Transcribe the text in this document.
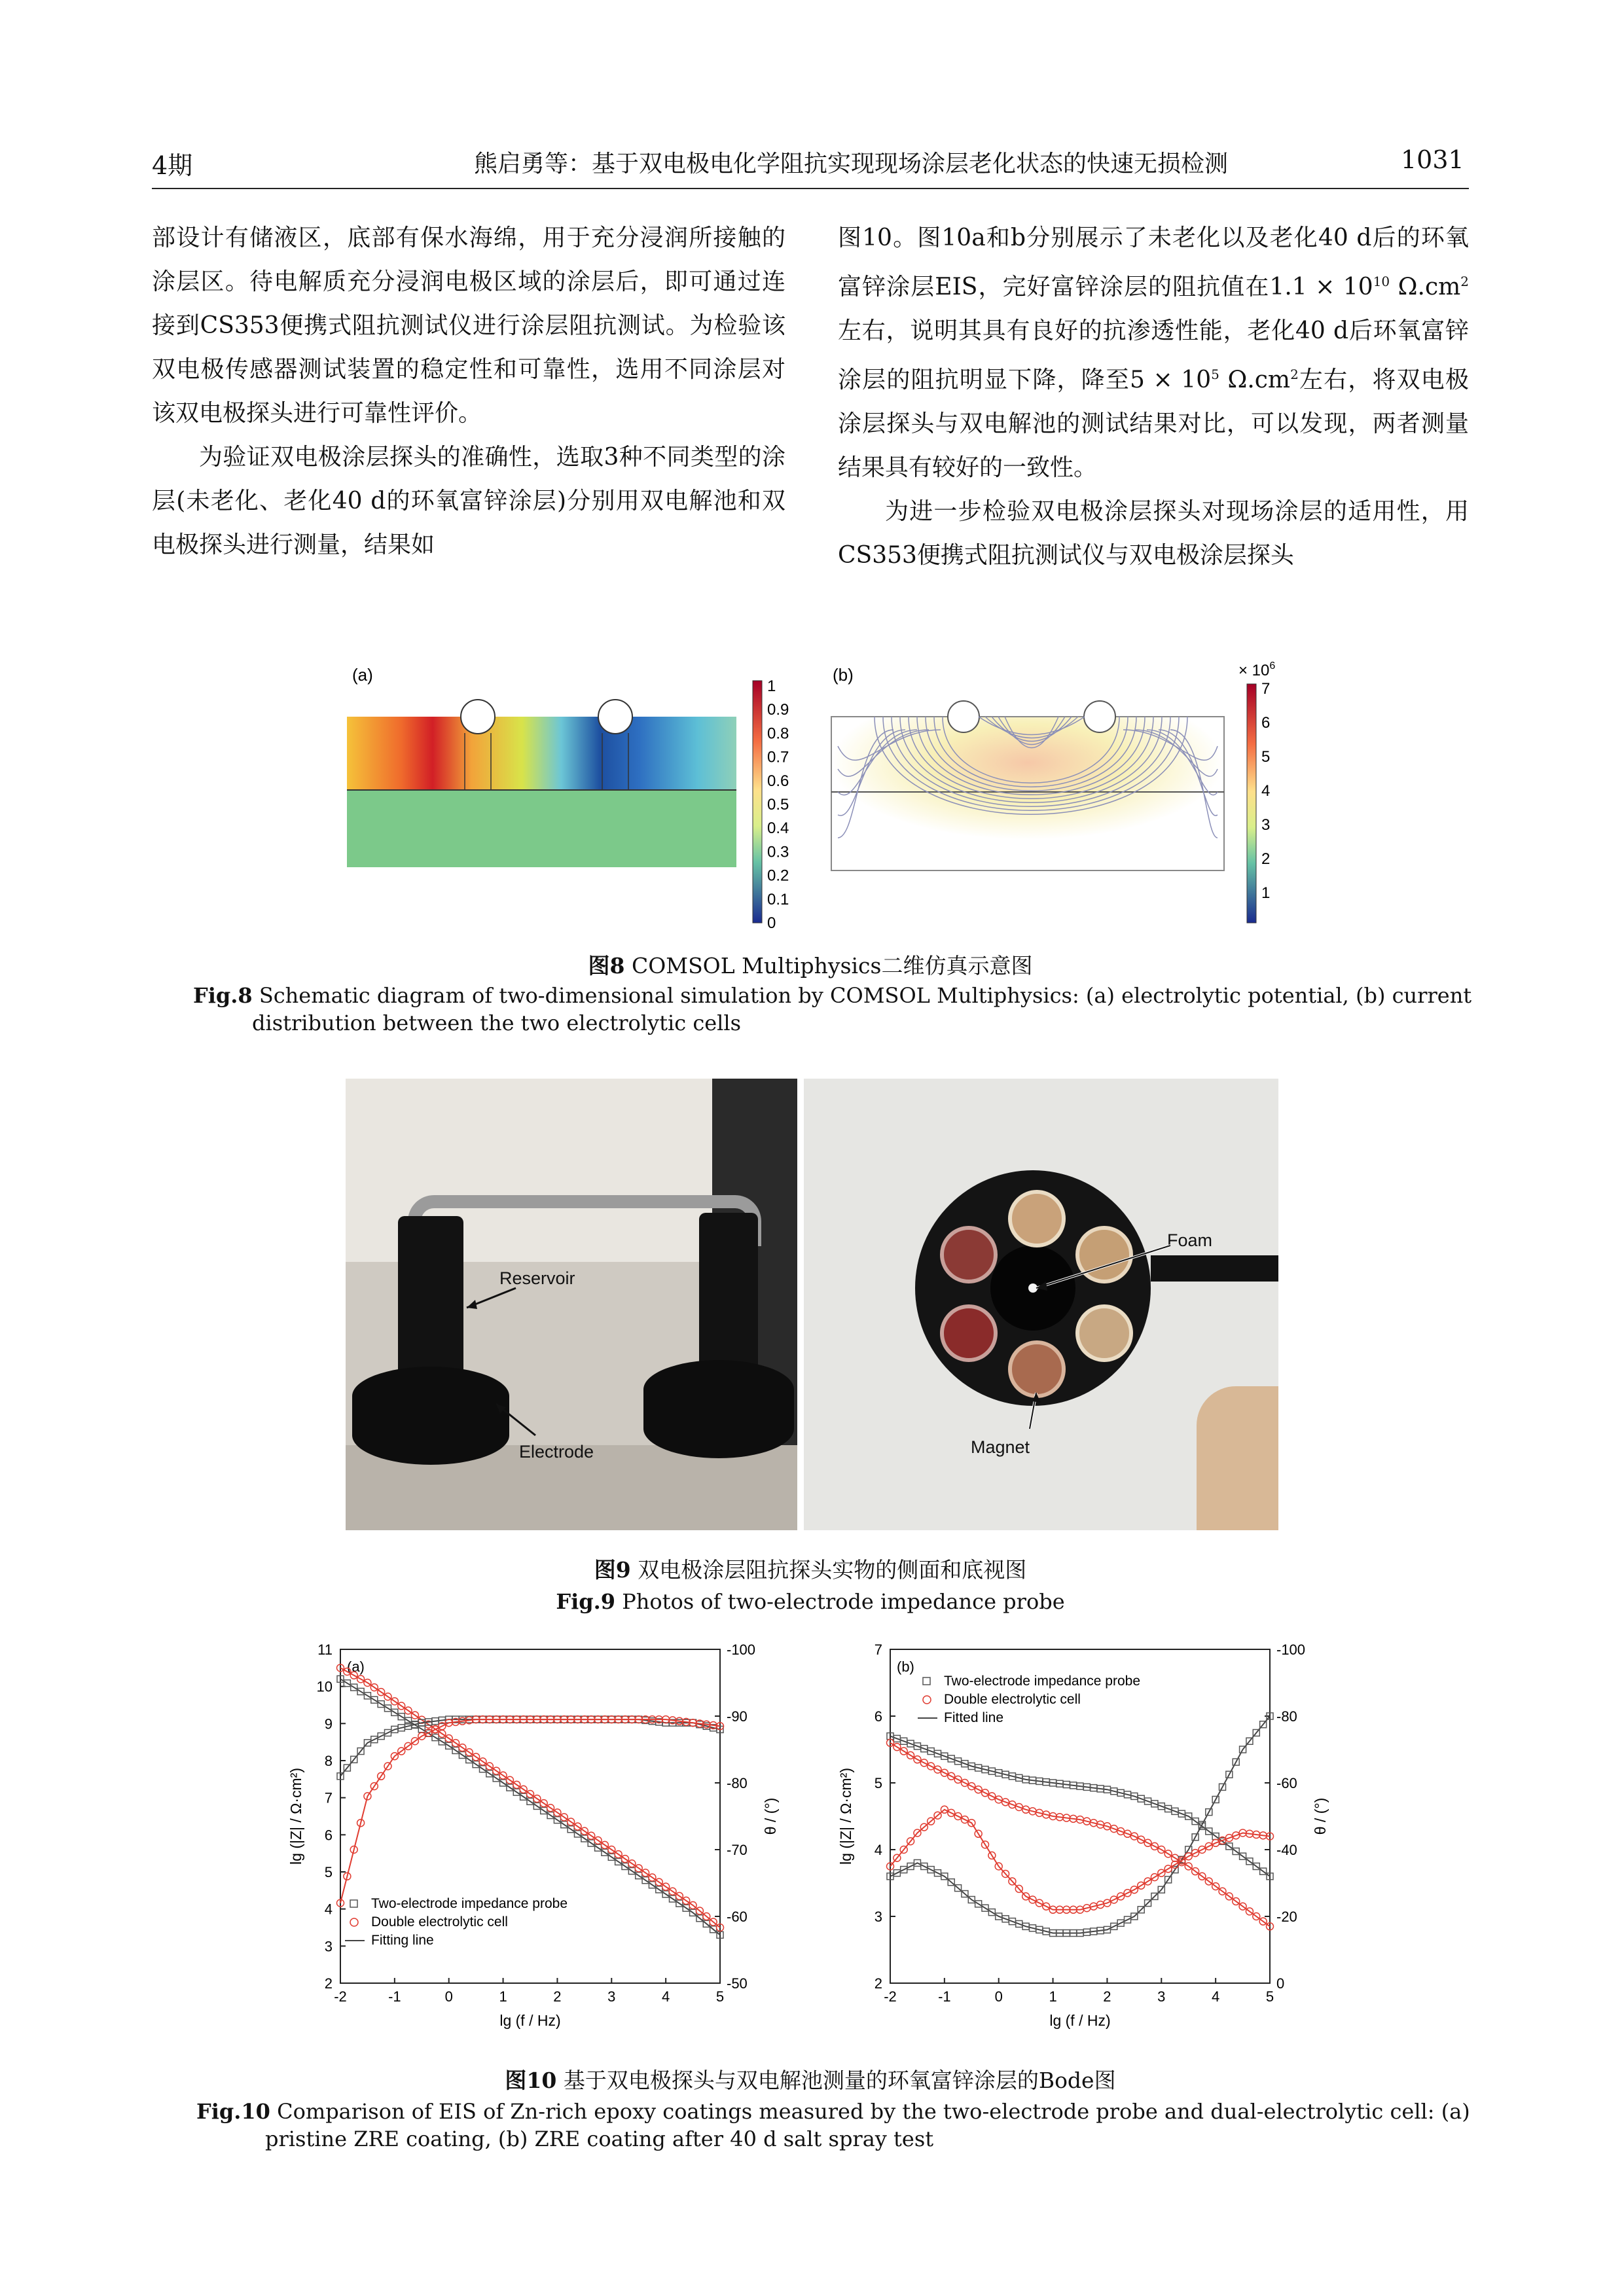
4期	熊启勇等：基于双电极电化学阻抗实现现场涂层老化状态的快速无损检测	1031

部设计有储液区，底部有保水海绵，用于充分浸润所接触的涂层区。待电解质充分浸润电极区域的涂层后，即可通过连接到CS353便携式阻抗测试仪进行涂层阻抗测试。为检验该双电极传感器测试装置的稳定性和可靠性，选用不同涂层对该双电极探头进行可靠性评价。

为验证双电极涂层探头的准确性，选取3种不同类型的涂层(未老化、老化40 d的环氧富锌涂层)分别用双电解池和双电极探头进行测量，结果如

图10。图10a和b分别展示了未老化以及老化40 d后的环氧富锌涂层EIS，完好富锌涂层的阻抗值在$1.1 \times 10^{10}$ $\Omega.cm^2$左右，说明其具有良好的抗渗透性能，老化40 d后环氧富锌涂层的阻抗明显下降，降至$5 \times 10^5$ $\Omega.cm^2$左右，将双电极涂层探头与双电解池的测试结果对比，可以发现，两者测量结果具有较好的一致性。

为进一步检验双电极涂层探头对现场涂层的适用性，用CS353便携式阻抗测试仪与双电极涂层探头

(a)
1
0.9
0.8
0.7
0.6
0.5
0.4
0.3
0.2
0.1
0
(b)
7
6
5
4
3
2
1
× $10^6$
图8 COMSOL Multiphysics二维仿真示意图
Fig.8 Schematic diagram of two-dimensional simulation by COMSOL Multiphysics: (a) electrolytic potential, (b) current distribution between the two electrolytic cells
Reservoir
Electrode
Foam
Magnet
图9 双电极涂层阻抗探头实物的侧面和底视图
Fig.9 Photos of two-electrode impedance probe
(a)
-2	-1	0	1	2	3	4	5
2
3
4
5
6
7
8
9
10
11
-50
-60
-70
-80
-90
-100
lg (f / Hz)
lg (|Z| / Ω·cm²)	θ / (°)
Two-electrode impedance probe
Double electrolytic cell
Fitting line
(b)
-2	-1	0	1	2	3	4	5
2
3
4
5
6
7
0
-20
-40
-60
-80
-100
lg (f / Hz)
lg (|Z| / Ω·cm²)	θ / (°)
Two-electrode impedance probe
Double electrolytic cell
Fitted line
图10 基于双电极探头与双电解池测量的环氧富锌涂层的Bode图
Fig.10 Comparison of EIS of Zn-rich epoxy coatings measured by the two-electrode probe and dual-electrolytic cell: (a) pristine ZRE coating, (b) ZRE coating after 40 d salt spray test
